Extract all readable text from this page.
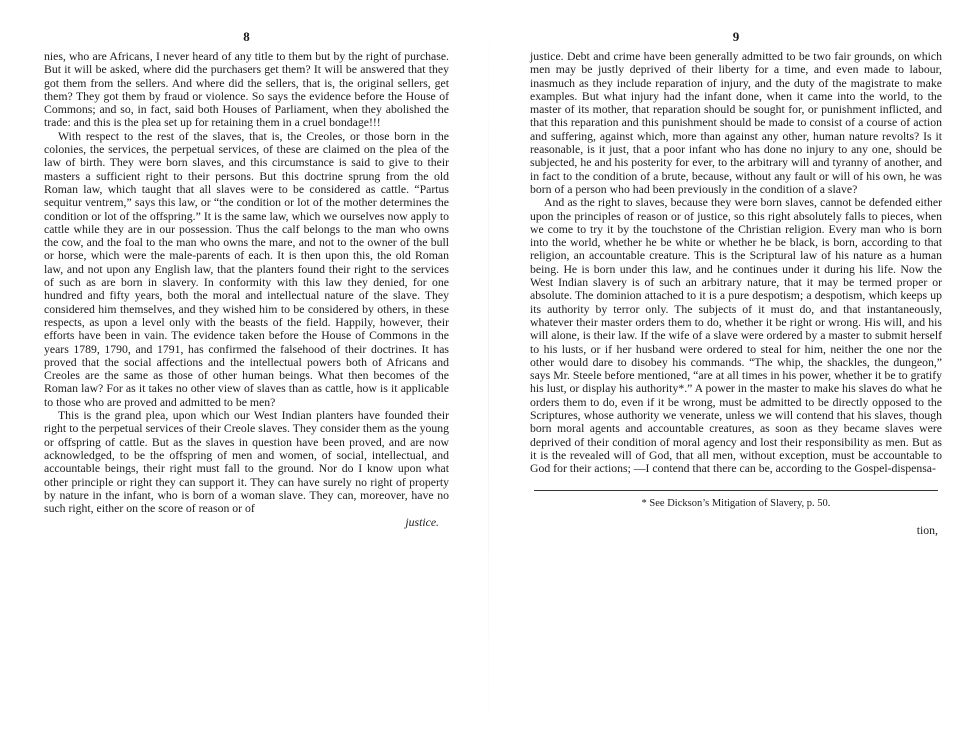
8

nies, who are Africans, I never heard of any title to them but by the right of purchase. But it will be asked, where did the purchasers get them? It will be answered that they got them from the sellers. And where did the sellers, that is, the original sellers, get them? They got them by fraud or violence. So says the evidence before the House of Commons; and so, in fact, said both Houses of Parliament, when they abolished the trade: and this is the plea set up for retaining them in a cruel bondage!!!

With respect to the rest of the slaves, that is, the Creoles, or those born in the colonies, the services, the perpetual services, of these are claimed on the plea of the law of birth. They were born slaves, and this circumstance is said to give to their masters a sufficient right to their persons. But this doctrine sprung from the old Roman law, which taught that all slaves were to be considered as cattle. “Partus sequitur ventrem,” says this law, or “the condition or lot of the mother determines the condition or lot of the offspring.” It is the same law, which we ourselves now apply to cattle while they are in our possession. Thus the calf belongs to the man who owns the cow, and the foal to the man who owns the mare, and not to the owner of the bull or horse, which were the male-parents of each. It is then upon this, the old Roman law, and not upon any English law, that the planters found their right to the services of such as are born in slavery. In conformity with this law they denied, for one hundred and fifty years, both the moral and intellectual nature of the slave. They considered him themselves, and they wished him to be considered by others, in these respects, as upon a level only with the beasts of the field. Happily, however, their efforts have been in vain. The evidence taken before the House of Commons in the years 1789, 1790, and 1791, has confirmed the falsehood of their doctrines. It has proved that the social affections and the intellectual powers both of Africans and Creoles are the same as those of other human beings. What then becomes of the Roman law? For as it takes no other view of slaves than as cattle, how is it applicable to those who are proved and admitted to be men?

This is the grand plea, upon which our West Indian planters have founded their right to the perpetual services of their Creole slaves. They consider them as the young or offspring of cattle. But as the slaves in question have been proved, and are now acknowledged, to be the offspring of men and women, of social, intellectual, and accountable beings, their right must fall to the ground. Nor do I know upon what other principle or right they can support it. They can have surely no right of property by nature in the infant, who is born of a woman slave. They can, moreover, have no such right, either on the score of reason or of

justice.
9

justice. Debt and crime have been generally admitted to be two fair grounds, on which men may be justly deprived of their liberty for a time, and even made to labour, inasmuch as they include reparation of injury, and the duty of the magistrate to make examples. But what injury had the infant done, when it came into the world, to the master of its mother, that reparation should be sought for, or punishment inflicted, and that this reparation and this punishment should be made to consist of a course of action and suffering, against which, more than against any other, human nature revolts? Is it reasonable, is it just, that a poor infant who has done no injury to any one, should be subjected, he and his posterity for ever, to the arbitrary will and tyranny of another, and in fact to the condition of a brute, because, without any fault or will of his own, he was born of a person who had been previously in the condition of a slave?

And as the right to slaves, because they were born slaves, cannot be defended either upon the principles of reason or of justice, so this right absolutely falls to pieces, when we come to try it by the touchstone of the Christian religion. Every man who is born into the world, whether he be white or whether he be black, is born, according to that religion, an accountable creature. This is the Scriptural law of his nature as a human being. He is born under this law, and he continues under it during his life. Now the West Indian slavery is of such an arbitrary nature, that it may be termed proper or absolute. The dominion attached to it is a pure despotism; a despotism, which keeps up its authority by terror only. The subjects of it must do, and that instantaneously, whatever their master orders them to do, whether it be right or wrong. His will, and his will alone, is their law. If the wife of a slave were ordered by a master to submit herself to his lusts, or if her husband were ordered to steal for him, neither the one nor the other would dare to disobey his commands. “The whip, the shackles, the dungeon,” says Mr. Steele before mentioned, “are at all times in his power, whether it be to gratify his lust, or display his authority*.” A power in the master to make his slaves do what he orders them to do, even if it be wrong, must be admitted to be directly opposed to the Scriptures, whose authority we venerate, unless we will contend that his slaves, though born moral agents and accountable creatures, as soon as they became slaves were deprived of their condition of moral agency and lost their responsibility as men. But as it is the revealed will of God, that all men, without exception, must be accountable to God for their actions; —I contend that there can be, according to the Gospel-dispensa-

* See Dickson’s Mitigation of Slavery, p. 50.
tion,
